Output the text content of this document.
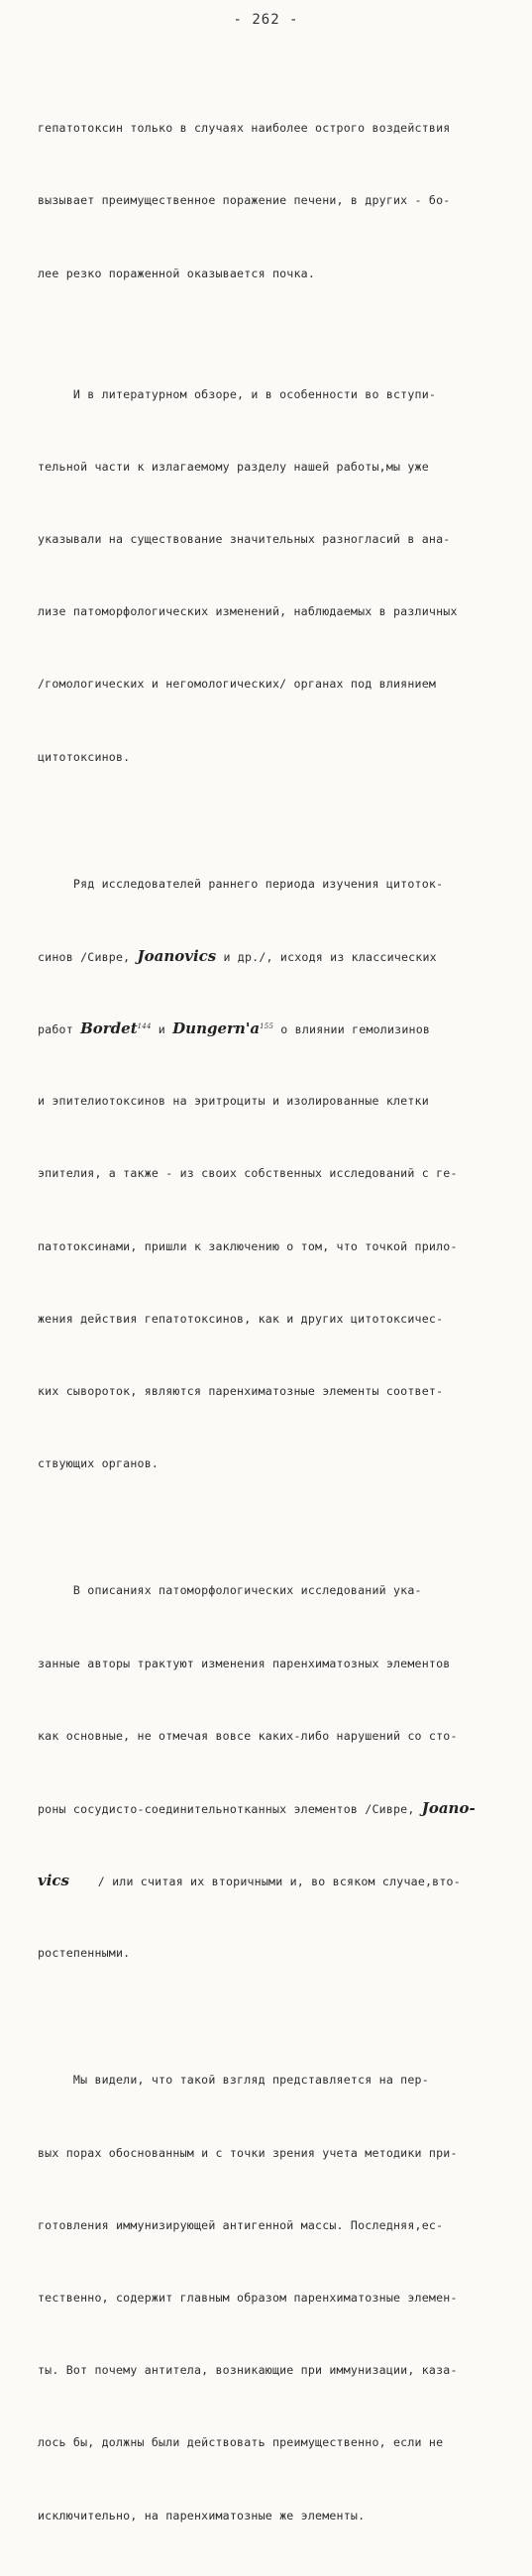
- 262 -

гепатотоксин только в случаях наиболее острого воздействия

вызывает преимущественное поражение печени, в других - бо-

лее резко пораженной оказывается почка.

И в литературном обзоре, и в особенности во вступи-

тельной части к излагаемому разделу нашей работы,мы уже

указывали на существование значительных разногласий в ана-

лизе патоморфологических изменений, наблюдаемых в различных

/гомологических и негомологических/ органах под влиянием

цитотоксинов.

Ряд исследователей раннего периода изучения цитоток-

синов /Сивре, Joanovics и др./, исходя из классических

работ Bordet$^{144}$ и $Dungern'a^{155}$ о влиянии гемолизинов

и эпителиотоксинов на эритроциты и изолированные клетки

эпителия, а также - из своих собственных исследований с ге-

патотоксинами, пришли к заключению о том, что точкой прило-

жения действия гепатотоксинов, как и других цитотоксичес-

ких сывороток, являются паренхиматозные элементы соответ-

ствующих органов.

В описаниях патоморфологических исследований ука-

занные авторы трактуют изменения паренхиматозных элементов

как основные, не отмечая вовсе каких-либо нарушений со сто-

роны сосудисто-соединительнотканных элементов /Сивре, Joano-

vics    / или считая их вторичными и, во всяком случае,вто-

ростепенными.

Мы видели, что такой взгляд представляется на пер-

вых порах обоснованным и с точки зрения учета методики при-

готовления иммунизирующей антигенной массы. Последняя,ес-

тественно, содержит главным образом паренхиматозные элемен-

ты. Вот почему антитела, возникающие при иммунизации, каза-

лось бы, должны были действовать преимущественно, если не

исключительно, на паренхиматозные же элементы.
